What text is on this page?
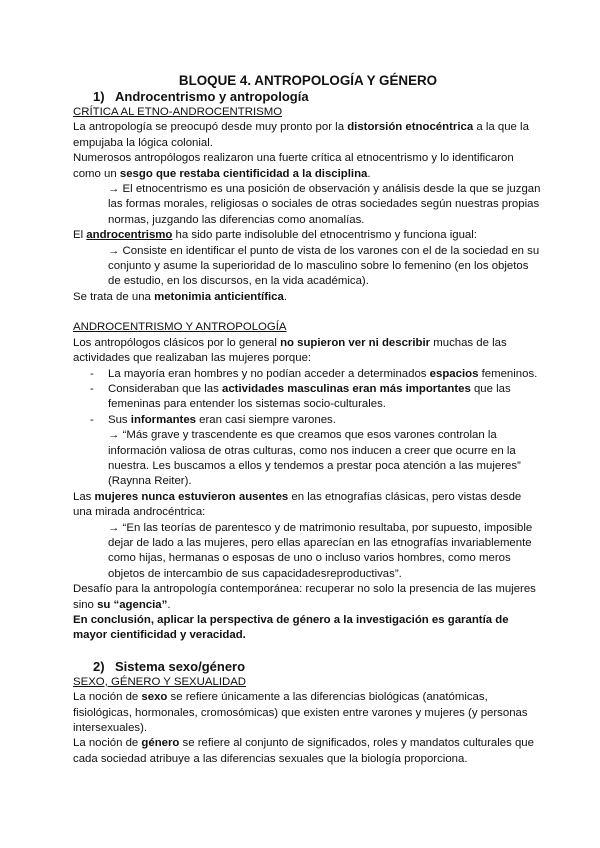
BLOQUE 4. ANTROPOLOGÍA Y GÉNERO
1) Androcentrismo y antropología

CRÍTICA AL ETNO-ANDROCENTRISMO

La antropología se preocupó desde muy pronto por la distorsión etnocéntrica a la que la empujaba la lógica colonial.

Numerosos antropólogos realizaron una fuerte crítica al etnocentrismo y lo identificaron como un sesgo que restaba cientificidad a la disciplina.

→ El etnocentrismo es una posición de observación y análisis desde la que se juzgan las formas morales, religiosas o sociales de otras sociedades según nuestras propias normas, juzgando las diferencias como anomalías.

El androcentrismo ha sido parte indisoluble del etnocentrismo y funciona igual:

→ Consiste en identificar el punto de vista de los varones con el de la sociedad en su conjunto y asume la superioridad de lo masculino sobre lo femenino (en los objetos de estudio, en los discursos, en la vida académica).

Se trata de una metonimia anticientífica.

ANDROCENTRISMO Y ANTROPOLOGÍA

Los antropólogos clásicos por lo general no supieron ver ni describir muchas de las actividades que realizaban las mujeres porque:

- La mayoría eran hombres y no podían acceder a determinados espacios femeninos.
- Consideraban que las actividades masculinas eran más importantes que las femeninas para entender los sistemas socio-culturales.
- Sus informantes eran casi siempre varones.

→ “Más grave y trascendente es que creamos que esos varones controlan la información valiosa de otras culturas, como nos inducen a creer que ocurre en la nuestra. Les buscamos a ellos y tendemos a prestar poca atención a las mujeres” (Raynna Reiter).

Las mujeres nunca estuvieron ausentes en las etnografías clásicas, pero vistas desde una mirada androcéntrica:

→ “En las teorías de parentesco y de matrimonio resultaba, por supuesto, imposible dejar de lado a las mujeres, pero ellas aparecían en las etnografías invariablemente como hijas, hermanas o esposas de uno o incluso varios hombres, como meros objetos de intercambio de sus capacidadesreproductivas”.

Desafío para la antropología contemporánea: recuperar no solo la presencia de las mujeres sino su “agencia”.

En conclusión, aplicar la perspectiva de género a la investigación es garantía de mayor cientificidad y veracidad.

2) Sistema sexo/género

SEXO, GÉNERO Y SEXUALIDAD

La noción de sexo se refiere únicamente a las diferencias biológicas (anatómicas, fisiológicas, hormonales, cromosómicas) que existen entre varones y mujeres (y personas intersexuales).

La noción de género se refiere al conjunto de significados, roles y mandatos culturales que cada sociedad atribuye a las diferencias sexuales que la biología proporciona.
